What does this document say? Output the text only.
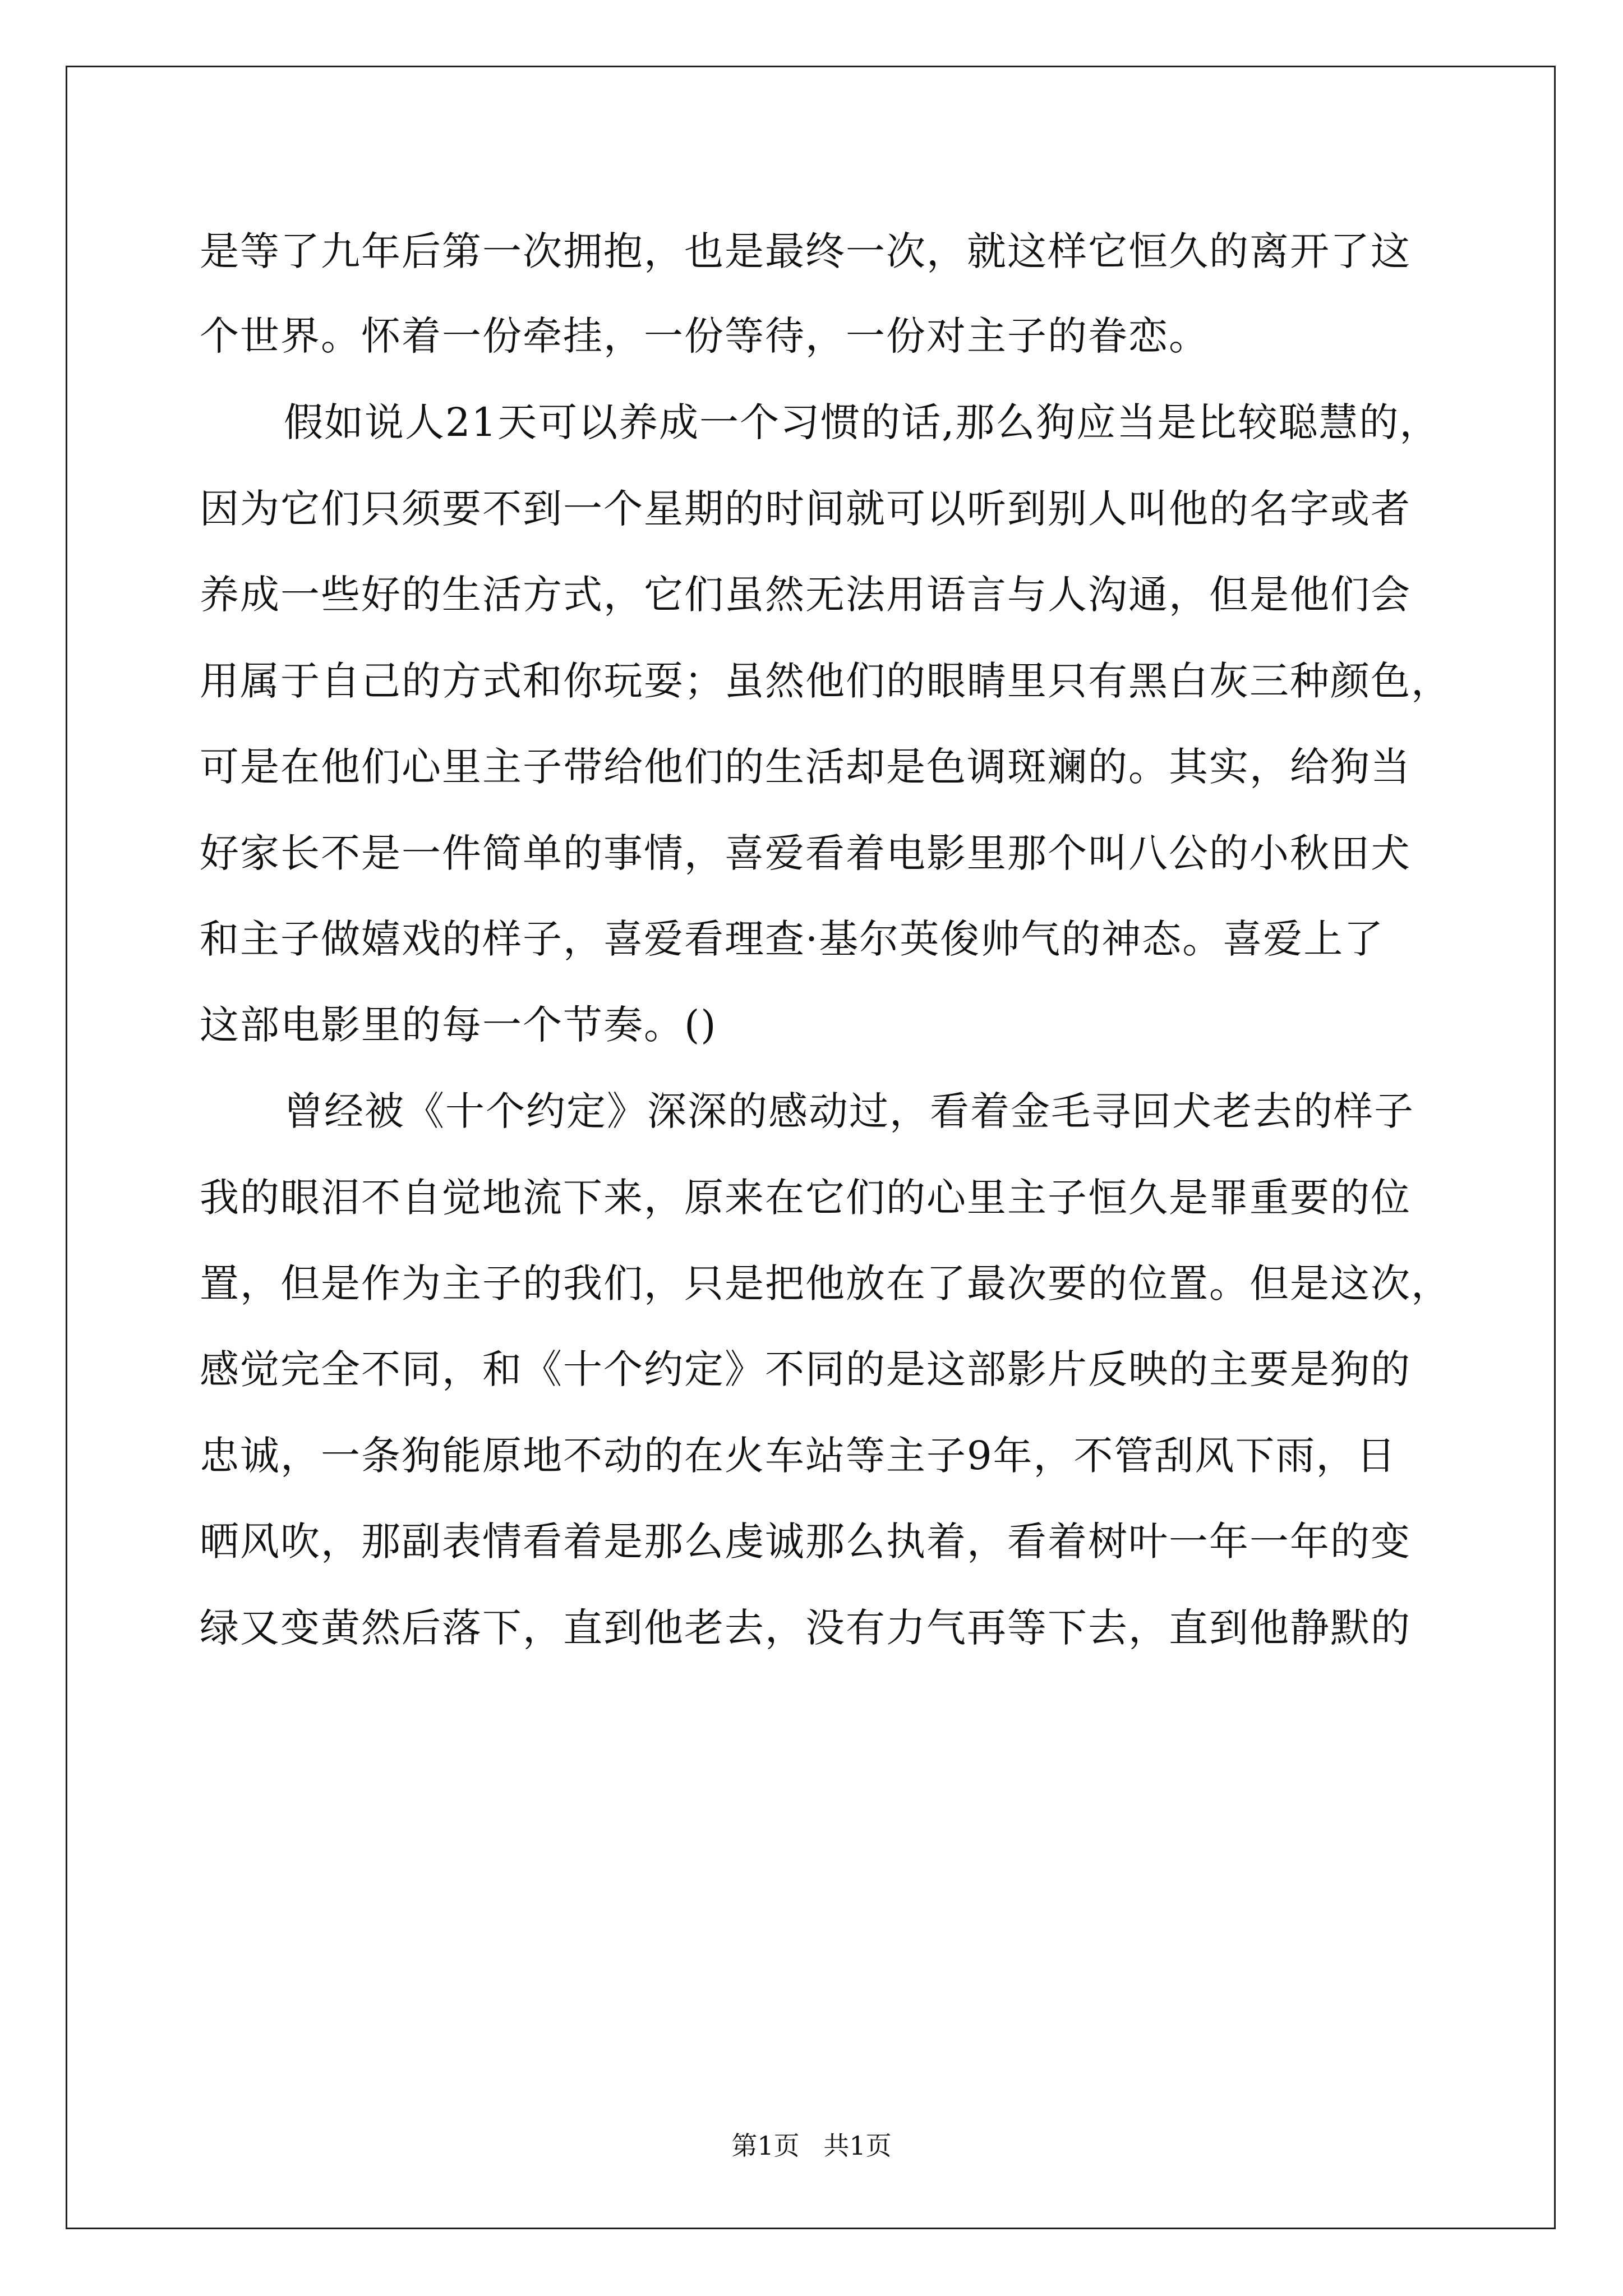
是等了九年后第一次拥抱，也是最终一次，就这样它恒久的离开了这
个世界。怀着一份牵挂，一份等待，一份对主子的眷恋。
假如说人21天可以养成一个习惯的话,那么狗应当是比较聪慧的，
因为它们只须要不到一个星期的时间就可以听到别人叫他的名字或者
养成一些好的生活方式，它们虽然无法用语言与人沟通，但是他们会
用属于自己的方式和你玩耍；虽然他们的眼睛里只有黑白灰三种颜色，
可是在他们心里主子带给他们的生活却是色调斑斓的。其实，给狗当
好家长不是一件简单的事情，喜爱看着电影里那个叫八公的小秋田犬
和主子做嬉戏的样子，喜爱看理查·基尔英俊帅气的神态。喜爱上了
这部电影里的每一个节奏。()
曾经被《十个约定》深深的感动过，看着金毛寻回犬老去的样子
我的眼泪不自觉地流下来，原来在它们的心里主子恒久是罪重要的位
置，但是作为主子的我们，只是把他放在了最次要的位置。但是这次，
感觉完全不同，和《十个约定》不同的是这部影片反映的主要是狗的
忠诚，一条狗能原地不动的在火车站等主子9年，不管刮风下雨，日
晒风吹，那副表情看着是那么虔诚那么执着，看着树叶一年一年的变
绿又变黄然后落下，直到他老去，没有力气再等下去，直到他静默的
第1页 共1页
